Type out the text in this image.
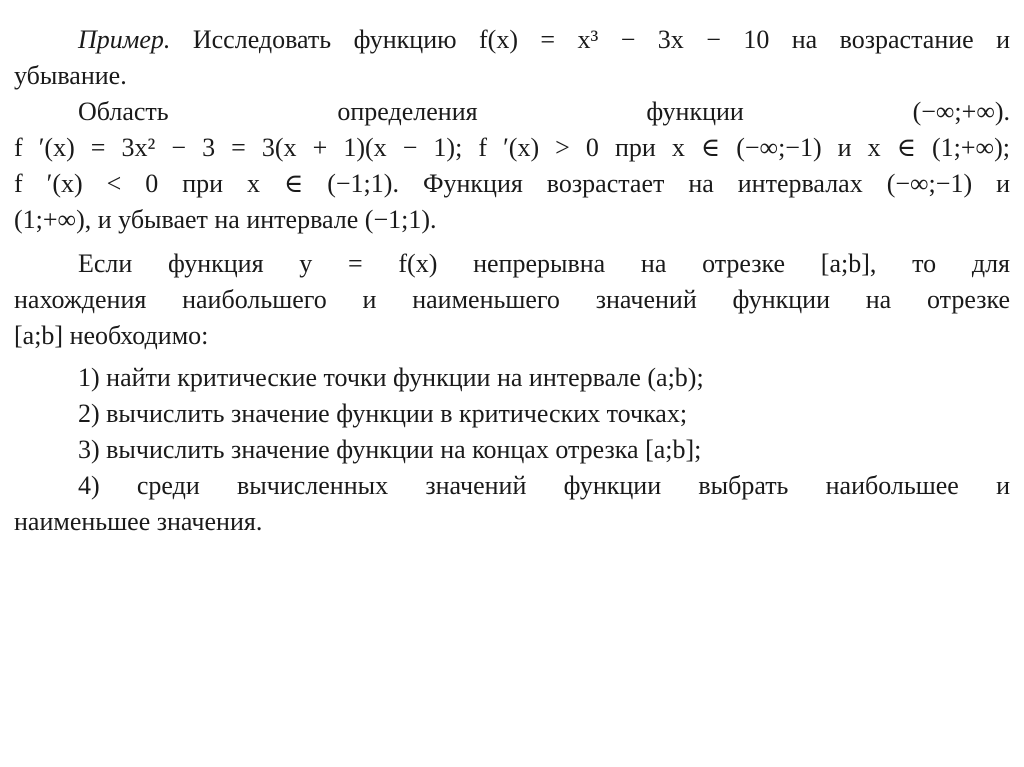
Пример. Исследовать функцию f(x) = x³ − 3x − 10 на возрастание и
убывание.
Область	определения	функции	(−∞;+∞).
f ′(x) = 3x² − 3 = 3(x + 1)(x − 1); f ′(x) > 0 при x ∈ (−∞;−1) и x ∈ (1;+∞);
f ′(x) < 0 при x ∈ (−1;1). Функция возрастает на интервалах (−∞;−1) и
(1;+∞), и убывает на интервале (−1;1).
Если функция y = f(x) непрерывна на отрезке [a;b], то для
нахождения наибольшего и наименьшего значений функции на отрезке
[a;b] необходимо:
1) найти критические точки функции на интервале (a;b);
2) вычислить значение функции в критических точках;
3) вычислить значение функции на концах отрезка [a;b];
4) среди вычисленных значений функции выбрать наибольшее и
наименьшее значения.
